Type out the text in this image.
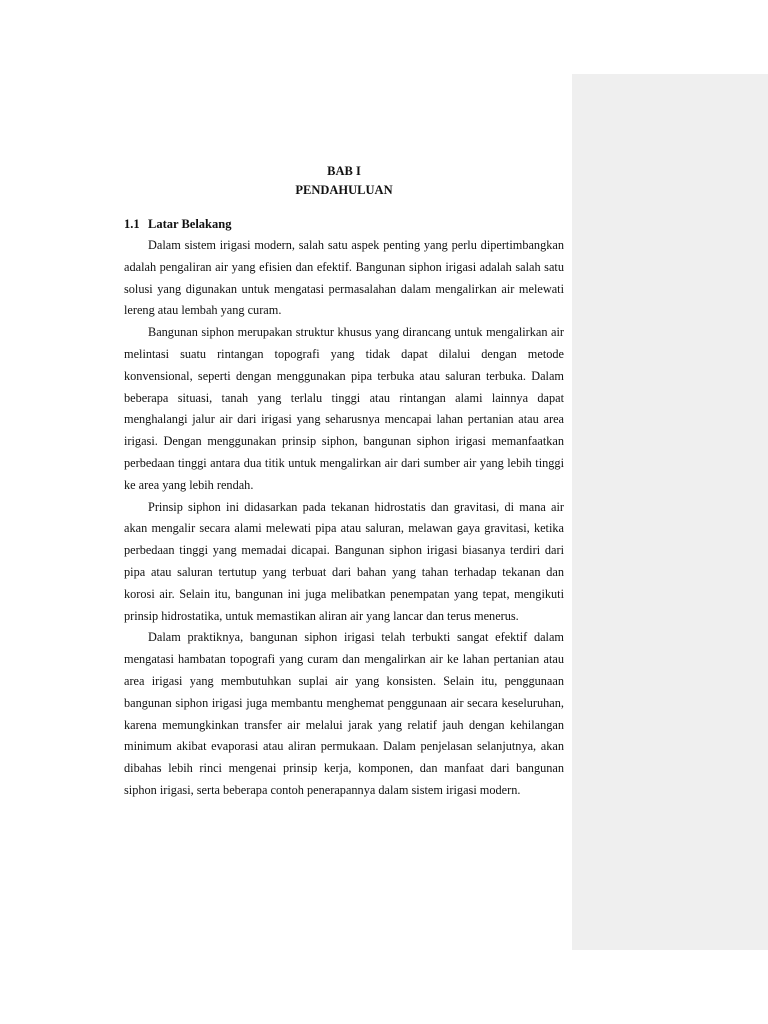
BAB I
PENDAHULUAN
1.1 Latar Belakang

Dalam sistem irigasi modern, salah satu aspek penting yang perlu dipertimbangkan adalah pengaliran air yang efisien dan efektif. Bangunan siphon irigasi adalah salah satu solusi yang digunakan untuk mengatasi permasalahan dalam mengalirkan air melewati lereng atau lembah yang curam.

Bangunan siphon merupakan struktur khusus yang dirancang untuk mengalirkan air melintasi suatu rintangan topografi yang tidak dapat dilalui dengan metode konvensional, seperti dengan menggunakan pipa terbuka atau saluran terbuka. Dalam beberapa situasi, tanah yang terlalu tinggi atau rintangan alami lainnya dapat menghalangi jalur air dari irigasi yang seharusnya mencapai lahan pertanian atau area irigasi. Dengan menggunakan prinsip siphon, bangunan siphon irigasi memanfaatkan perbedaan tinggi antara dua titik untuk mengalirkan air dari sumber air yang lebih tinggi ke area yang lebih rendah.

Prinsip siphon ini didasarkan pada tekanan hidrostatis dan gravitasi, di mana air akan mengalir secara alami melewati pipa atau saluran, melawan gaya gravitasi, ketika perbedaan tinggi yang memadai dicapai. Bangunan siphon irigasi biasanya terdiri dari pipa atau saluran tertutup yang terbuat dari bahan yang tahan terhadap tekanan dan korosi air. Selain itu, bangunan ini juga melibatkan penempatan yang tepat, mengikuti prinsip hidrostatika, untuk memastikan aliran air yang lancar dan terus menerus.

Dalam praktiknya, bangunan siphon irigasi telah terbukti sangat efektif dalam mengatasi hambatan topografi yang curam dan mengalirkan air ke lahan pertanian atau area irigasi yang membutuhkan suplai air yang konsisten. Selain itu, penggunaan bangunan siphon irigasi juga membantu menghemat penggunaan air secara keseluruhan, karena memungkinkan transfer air melalui jarak yang relatif jauh dengan kehilangan minimum akibat evaporasi atau aliran permukaan. Dalam penjelasan selanjutnya, akan dibahas lebih rinci mengenai prinsip kerja, komponen, dan manfaat dari bangunan siphon irigasi, serta beberapa contoh penerapannya dalam sistem irigasi modern.
